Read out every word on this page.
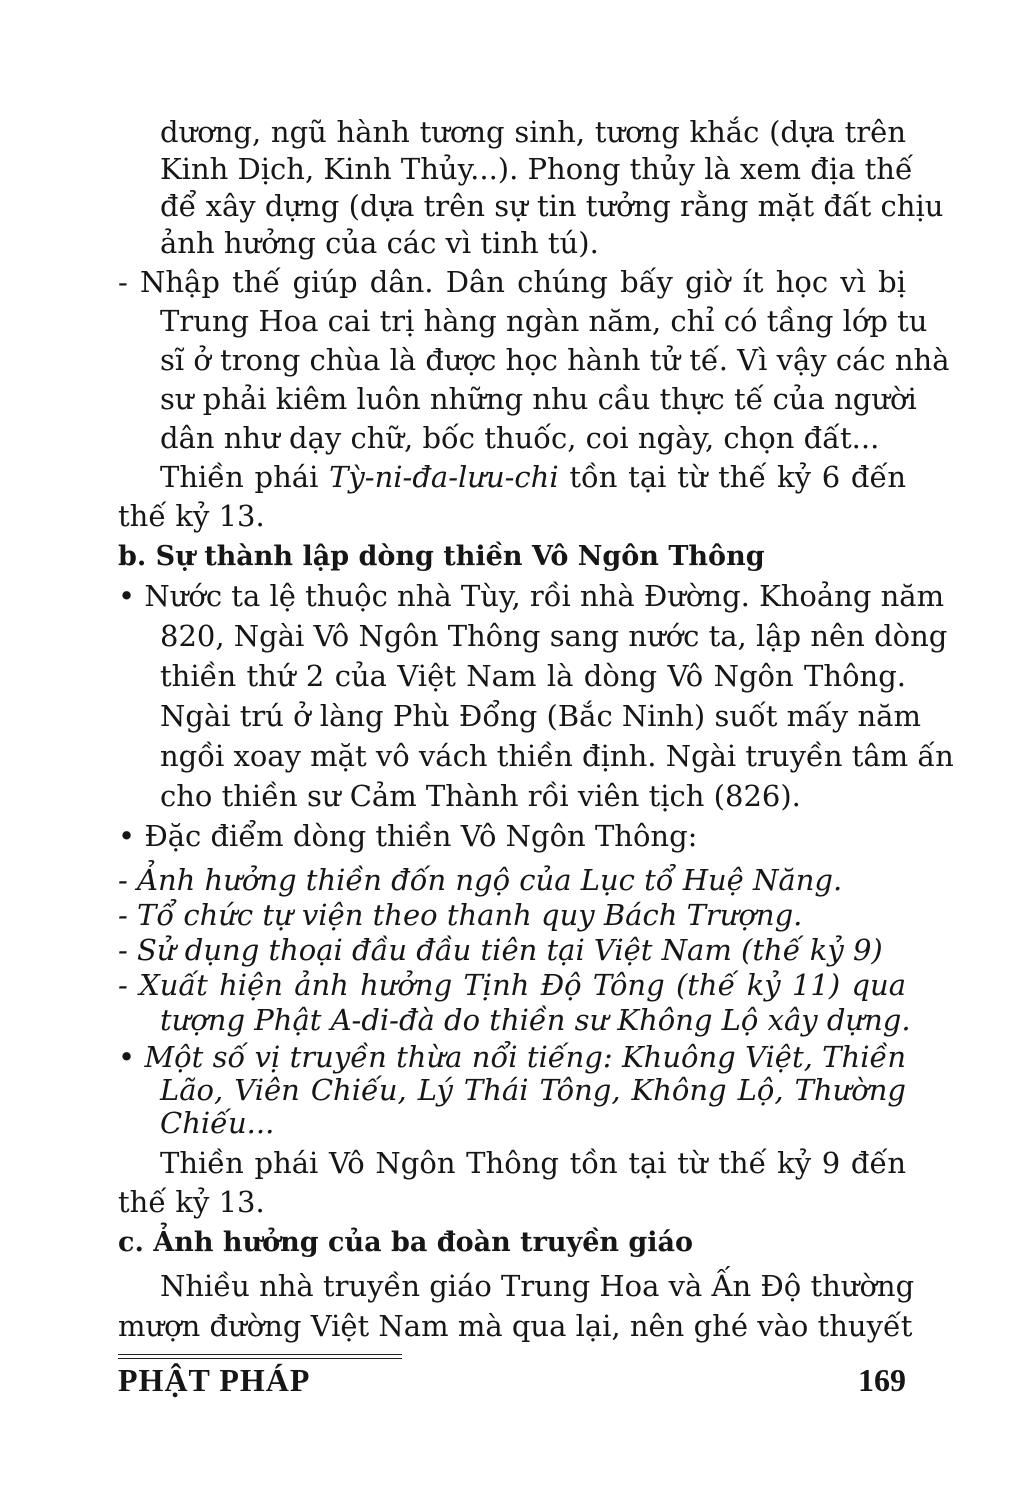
dương, ngũ hành tương sinh, tương khắc (dựa trên
Kinh Dịch, Kinh Thủy...). Phong thủy là xem địa thế
để xây dựng (dựa trên sự tin tưởng rằng mặt đất chịu
ảnh hưởng của các vì tinh tú).
- Nhập thế giúp dân. Dân chúng bấy giờ ít học vì bị
Trung Hoa cai trị hàng ngàn năm, chỉ có tầng lớp tu
sĩ ở trong chùa là được học hành tử tế. Vì vậy các nhà
sư phải kiêm luôn những nhu cầu thực tế của người
dân như dạy chữ, bốc thuốc, coi ngày, chọn đất...
Thiền phái Tỳ-ni-đa-lưu-chi tồn tại từ thế kỷ 6 đến
thế kỷ 13.
b. Sự thành lập dòng thiền Vô Ngôn Thông
• Nước ta lệ thuộc nhà Tùy, rồi nhà Đường. Khoảng năm
820, Ngài Vô Ngôn Thông sang nước ta, lập nên dòng
thiền thứ 2 của Việt Nam là dòng Vô Ngôn Thông.
Ngài trú ở làng Phù Đổng (Bắc Ninh) suốt mấy năm
ngồi xoay mặt vô vách thiền định. Ngài truyền tâm ấn
cho thiền sư Cảm Thành rồi viên tịch (826).
• Đặc điểm dòng thiền Vô Ngôn Thông:
- Ảnh hưởng thiền đốn ngộ của Lục tổ Huệ Năng.
- Tổ chức tự viện theo thanh quy Bách Trượng.
- Sử dụng thoại đầu đầu tiên tại Việt Nam (thế kỷ 9)
- Xuất hiện ảnh hưởng Tịnh Độ Tông (thế kỷ 11) qua
tượng Phật A-di-đà do thiền sư Không Lộ xây dựng.
• Một số vị truyền thừa nổi tiếng: Khuông Việt, Thiền
Lão, Viên Chiếu, Lý Thái Tông, Không Lộ, Thường
Chiếu...
Thiền phái Vô Ngôn Thông tồn tại từ thế kỷ 9 đến
thế kỷ 13.
c. Ảnh hưởng của ba đoàn truyền giáo
Nhiều nhà truyền giáo Trung Hoa và Ấn Độ thường
mượn đường Việt Nam mà qua lại, nên ghé vào thuyết
PHẬT PHÁP	169
